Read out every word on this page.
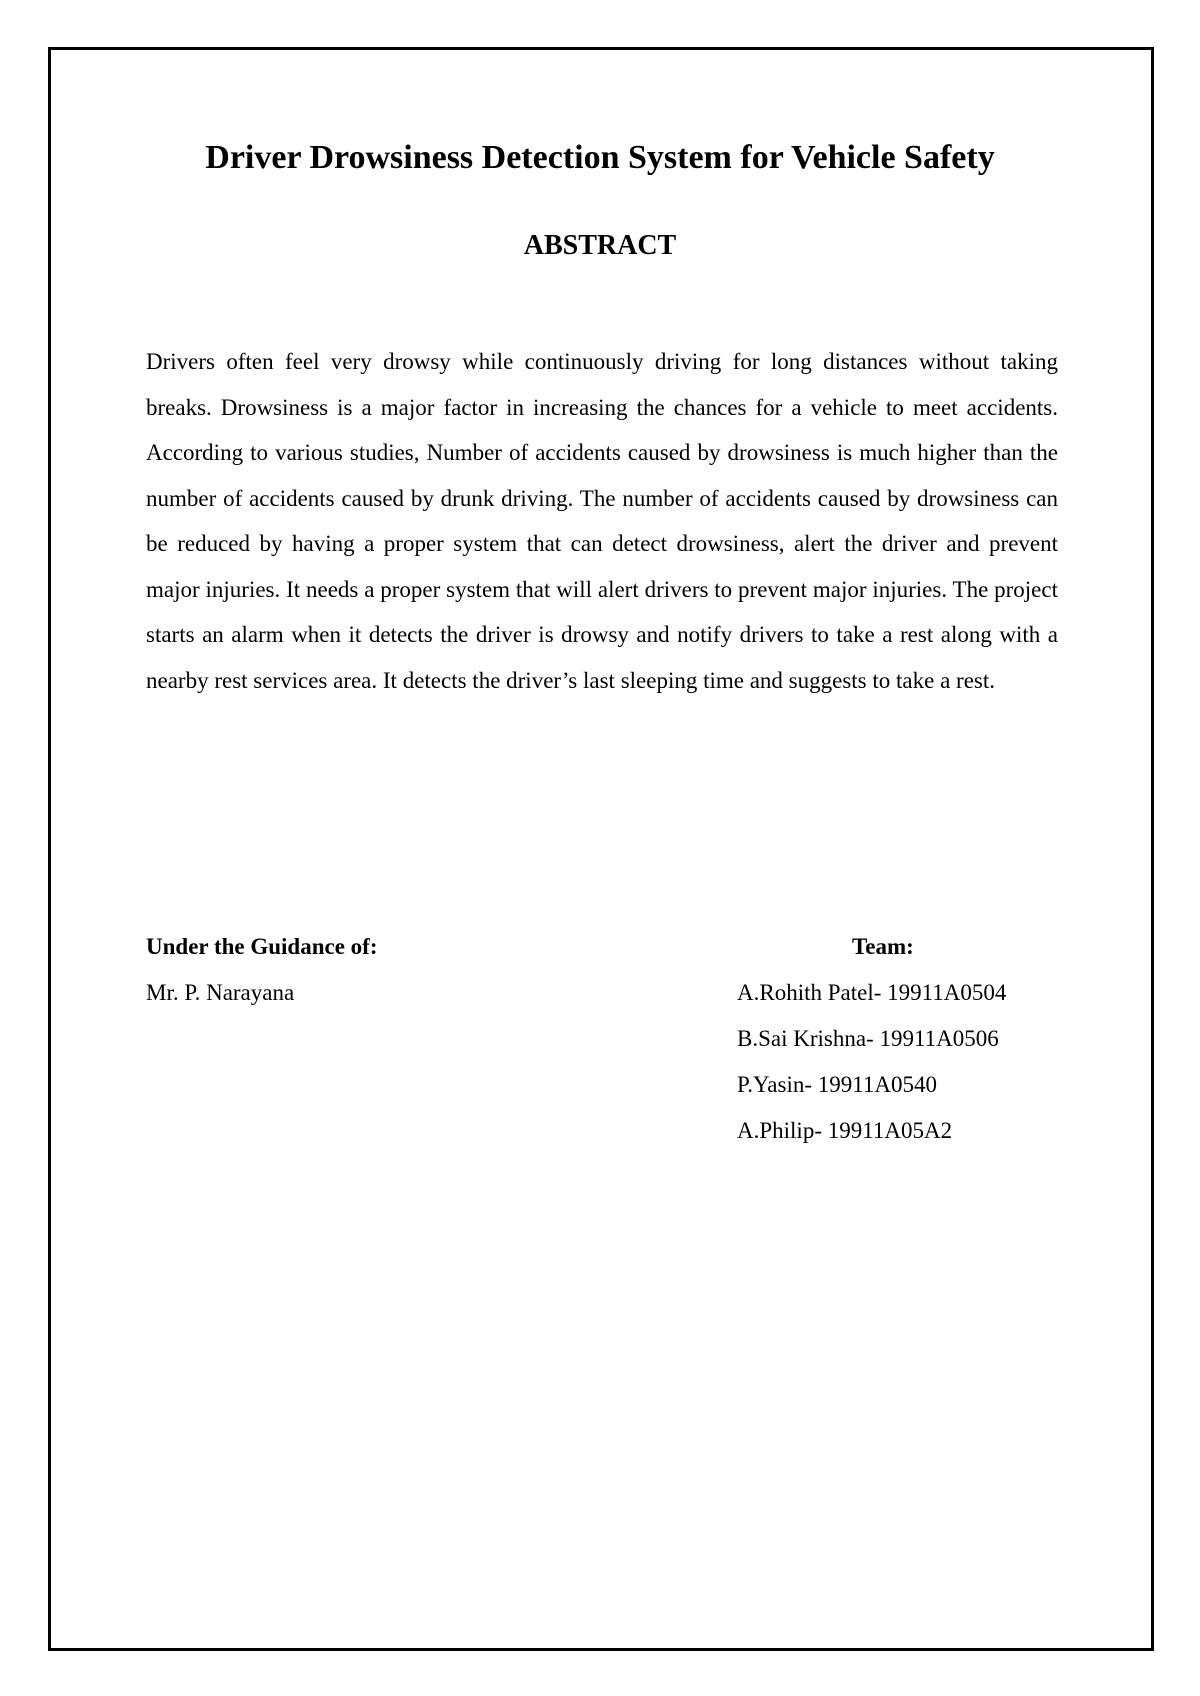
Driver Drowsiness Detection System for Vehicle Safety
ABSTRACT

Drivers often feel very drowsy while continuously driving for long distances without taking breaks. Drowsiness is a major factor in increasing the chances for a vehicle to meet accidents. According to various studies, Number of accidents caused by drowsiness is much higher than the number of accidents caused by drunk driving. The number of accidents caused by drowsiness can be reduced by having a proper system that can detect drowsiness, alert the driver and prevent major injuries. It needs a proper system that will alert drivers to prevent major injuries. The project starts an alarm when it detects the driver is drowsy and notify drivers to take a rest along with a nearby rest services area. It detects the driver’s last sleeping time and suggests to take a rest.

Under the Guidance of:
Mr. P. Narayana
Team:
A.Rohith Patel- 19911A0504
B.Sai Krishna- 19911A0506
P.Yasin- 19911A0540
A.Philip- 19911A05A2
